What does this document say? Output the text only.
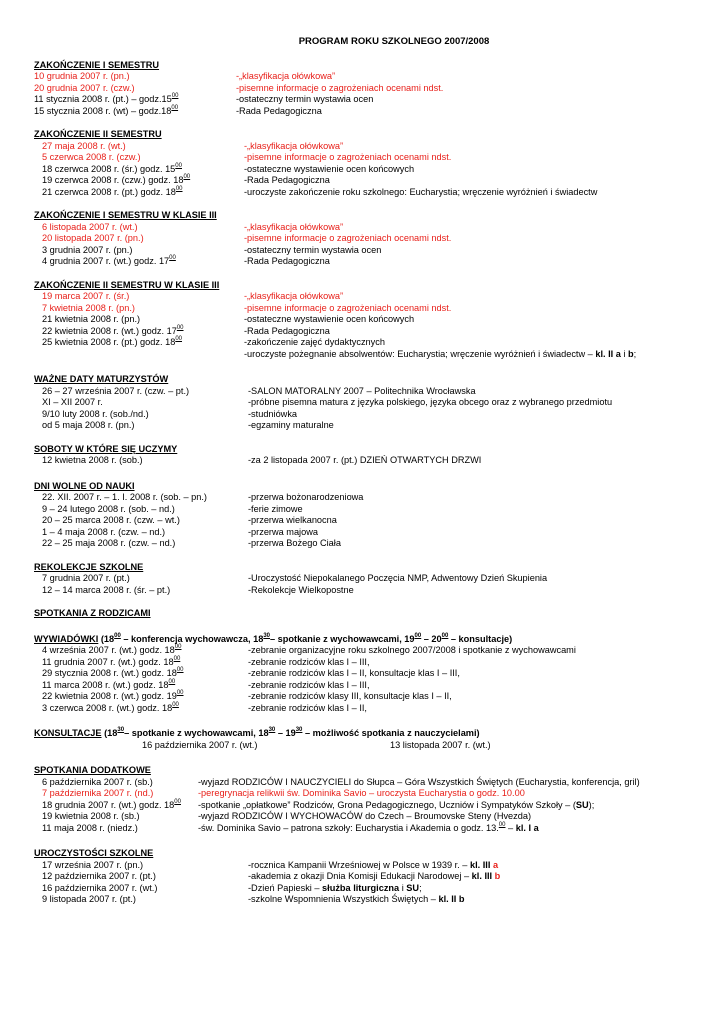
PROGRAM ROKU SZKOLNEGO 2007/2008
ZAKOŃCZENIE I SEMESTRU
10 grudnia 2007 r. (pn.)	-„klasyfikacja ołówkowa”
20 grudnia 2007 r. (czw.)	-pisemne informacje o zagrożeniach ocenami ndst.
11 stycznia 2008 r. $(pt.) - godz.15^{00}$	-ostateczny termin wystawia ocen
15 stycznia 2008 r. $(wt) - godz.18^{00}$	-Rada Pedagogiczna
ZAKOŃCZENIE II SEMESTRU
27 maja 2008 r. (wt.)	-„klasyfikacja ołówkowa”
5 czerwca 2008 r. (czw.)	-pisemne informacje o zagrożeniach ocenami ndst.
18 czerwca 2008 r. (śr.) godz. $15^{00}$	-ostateczne wystawienie ocen końcowych
19 czerwca 2008 r. (czw.) godz. $18^{00}$	-Rada Pedagogiczna
21 czerwca 2008 r. (pt.) godz. $18^{00}$	-uroczyste zakończenie roku szkolnego: Eucharystia; wręczenie wyróżnień i świadectw
ZAKOŃCZENIE I SEMESTRU W KLASIE III
6 listopada 2007 r. (wt.)	-„klasyfikacja ołówkowa”
20 listopada 2007 r. (pn.)	-pisemne informacje o zagrożeniach ocenami ndst.
3 grudnia 2007 r. (pn.)	-ostateczny termin wystawia ocen
4 grudnia 2007 r. (wt.) godz. $17^{00}$	-Rada Pedagogiczna
ZAKOŃCZENIE II SEMESTRU W KLASIE III
19 marca 2007 r. (śr.)	-„klasyfikacja ołówkowa”
7 kwietnia 2008 r. (pn.)	-pisemne informacje o zagrożeniach ocenami ndst.
21 kwietnia 2008 r. (pn.)	-ostateczne wystawienie ocen końcowych
22 kwietnia 2008 r. (wt.) godz. $17^{00}$	-Rada Pedagogiczna
25 kwietnia 2008 r. (pt.) godz. $18^{00}$	-zakończenie zajęć dydaktycznych
-uroczyste pożegnanie absolwentów: Eucharystia; wręczenie wyróżnień i świadectw – kl. II a i b;
WAŻNE DATY MATURZYSTÓW
26 – 27 września 2007 r. (czw. – pt.)	-SALON MATORALNY 2007 – Politechnika Wrocławska
XI – XII 2007 r.	-próbne pisemna matura z języka polskiego, języka obcego oraz z wybranego przedmiotu
9/10 luty 2008 r. (sob./nd.)	-studniówka
od 5 maja 2008 r. (pn.)	-egzaminy maturalne
SOBOTY W KTÓRE SIĘ UCZYMY
12 kwietna 2008 r. (sob.)	-za 2 listopada 2007 r. (pt.) DZIEŃ OTWARTYCH DRZWI
DNI WOLNE OD NAUKI
22. XII. 2007 r. – 1. I. 2008 r. (sob. – pn.)	-przerwa bożonarodzeniowa
9 – 24 lutego 2008 r. (sob. – nd.)	-ferie zimowe
20 – 25 marca 2008 r. (czw. – wt.)	-przerwa wielkanocna
1 – 4 maja 2008 r. (czw. – nd.)	-przerwa majowa
22 – 25 maja 2008 r. (czw. – nd.)	-przerwa Bożego Ciała
REKOLEKCJE SZKOLNE
7 grudnia 2007 r. (pt.)	-Uroczystość Niepokalanego Poczęcia NMP, Adwentowy Dzień Skupienia
12 – 14 marca 2008 r. (śr. – pt.)	-Rekolekcje Wielkopostne
SPOTKANIA Z RODZICAMI
WYWIADÓWKI ($18^{00}$ – konferencja wychowawcza, $18^{30}-$ spotkanie z wychowawcami, $19^{00} - 20^{00}$ – konsultacje)
4 września 2007 r. (wt.) godz. $18^{00}$	-zebranie organizacyjne roku szkolnego 2007/2008 i spotkanie z wychowawcami
11 grudnia 2007 r. (wt.) godz. $18^{00}$	-zebranie rodziców klas I – III,
29 stycznia 2008 r. (wt.) godz. $18^{00}$	-zebranie rodziców klas I – II, konsultacje klas I – III,
11 marca 2008 r. (wt.) godz. $18^{00}$	-zebranie rodziców klas I – III,
22 kwietnia 2008 r. (wt.) godz. $19^{00}$	-zebranie rodziców klasy III, konsultacje klas I – II,
3 czerwca 2008 r. (wt.) godz. $18^{00}$	-zebranie rodziców klas I – II,
KONSULTACJE ($18^{30}-$ spotkanie z wychowawcami, $18^{30} - 19^{30}$ – możliwość spotkania z nauczycielami)
16 października 2007 r. (wt.)	13 listopada 2007 r. (wt.)
SPOTKANIA DODATKOWE
6 października 2007 r. (sb.)	-wyjazd RODZICÓW I NAUCZYCIELI do Słupca – Góra Wszystkich Świętych (Eucharystia, konferencja, gril)
7 października 2007 r. (nd.)	-peregrynacja relikwii św. Dominika Savio – uroczysta Eucharystia o godz. 10.00
18 grudnia 2007 r. (wt.) godz. $18^{00}$	-spotkanie „opłatkowe” Rodziców, Grona Pedagogicznego, Uczniów i Sympatyków Szkoły – (SU);
19 kwietnia 2008 r. (sb.)	-wyjazd RODZICÓW I WYCHOWACÓW do Czech – Broumovske Steny (Hvezda)
11 maja 2008 r. (niedz.)	-św. Dominika Savio – patrona szkoły: Eucharystia i Akademia o godz. 13.00 – kl. I a
UROCZYSTOŚCI SZKOLNE
17 września 2007 r. (pn.)	-rocznica Kampanii Wrześniowej w Polsce w 1939 r. – kl. III a
12 października 2007 r. (pt.)	-akademia z okazji Dnia Komisji Edukacji Narodowej – kl. III b
16 października 2007 r. (wt.)	-Dzień Papieski – służba liturgiczna i SU;
9 listopada 2007 r. (pt.)	-szkolne Wspomnienia Wszystkich Świętych – kl. II b
